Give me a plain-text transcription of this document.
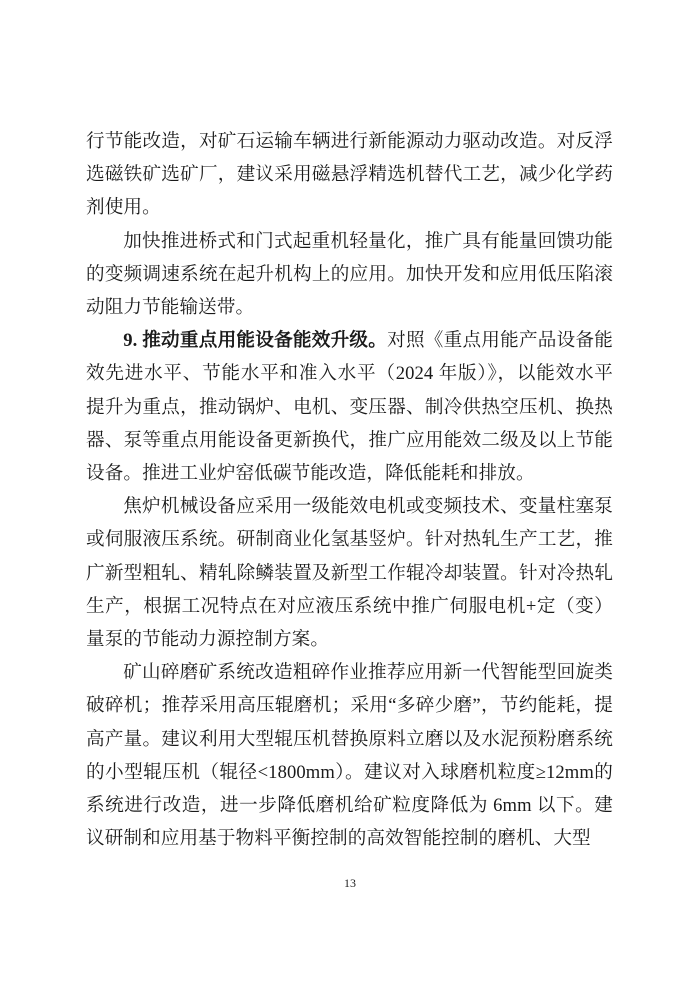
行节能改造，对矿石运输车辆进行新能源动力驱动改造。对反浮选磁铁矿选矿厂，建议采用磁悬浮精选机替代工艺，减少化学药剂使用。

加快推进桥式和门式起重机轻量化，推广具有能量回馈功能的变频调速系统在起升机构上的应用。加快开发和应用低压陷滚动阻力节能输送带。

9. 推动重点用能设备能效升级。对照《重点用能产品设备能效先进水平、节能水平和准入水平（2024 年版）》，以能效水平提升为重点，推动锅炉、电机、变压器、制冷供热空压机、换热器、泵等重点用能设备更新换代，推广应用能效二级及以上节能设备。推进工业炉窑低碳节能改造，降低能耗和排放。

焦炉机械设备应采用一级能效电机或变频技术、变量柱塞泵或伺服液压系统。研制商业化氢基竖炉。针对热轧生产工艺，推广新型粗轧、精轧除鳞装置及新型工作辊冷却装置。针对冷热轧生产，根据工况特点在对应液压系统中推广伺服电机+定（变）量泵的节能动力源控制方案。

矿山碎磨矿系统改造粗碎作业推荐应用新一代智能型回旋类破碎机；推荐采用高压辊磨机；采用“多碎少磨”，节约能耗，提高产量。建议利用大型辊压机替换原料立磨以及水泥预粉磨系统的小型辊压机（辊径<1800mm）。建议对入球磨机粒度≥12mm的系统进行改造，进一步降低磨机给矿粒度降低为 6mm 以下。建议研制和应用基于物料平衡控制的高效智能控制的磨机、大型

13
